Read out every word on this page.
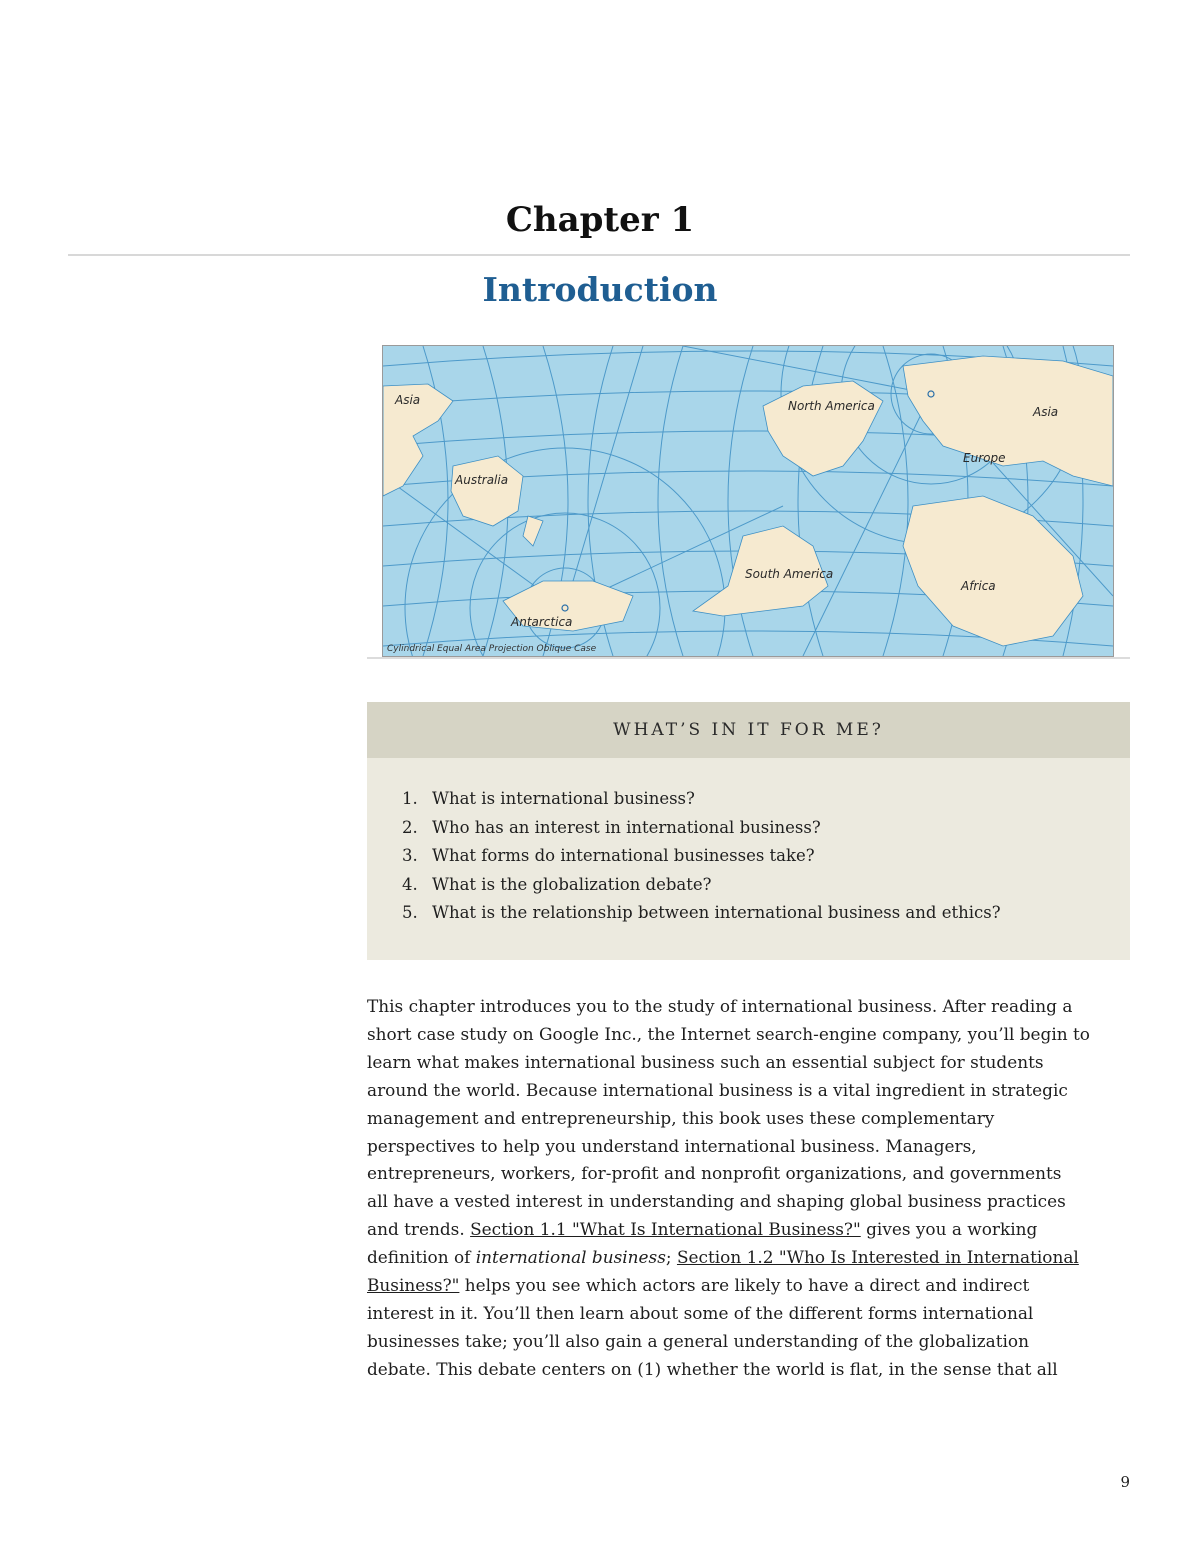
Chapter 1
Introduction
Asia
Australia
North America	Asia
Europe
South America
Africa
Antarctica
Cylindrical Equal Area Projection Oblique Case
WHAT’S IN IT FOR ME?
1. What is international business?
2. Who has an interest in international business?
3. What forms do international businesses take?
4. What is the globalization debate?
5. What is the relationship between international business and ethics?
This chapter introduces you to the study of international business. After reading a
short case study on Google Inc., the Internet search-engine company, you’ll begin to
learn what makes international business such an essential subject for students
around the world. Because international business is a vital ingredient in strategic
management and entrepreneurship, this book uses these complementary
perspectives to help you understand international business. Managers,
entrepreneurs, workers, for-profit and nonprofit organizations, and governments
all have a vested interest in understanding and shaping global business practices
and trends. Section 1.1 "What Is International Business?" gives you a working
definition of international business; Section 1.2 "Who Is Interested in International
Business?" helps you see which actors are likely to have a direct and indirect
interest in it. You’ll then learn about some of the different forms international
businesses take; you’ll also gain a general understanding of the globalization
debate. This debate centers on (1) whether the world is flat, in the sense that all
9
